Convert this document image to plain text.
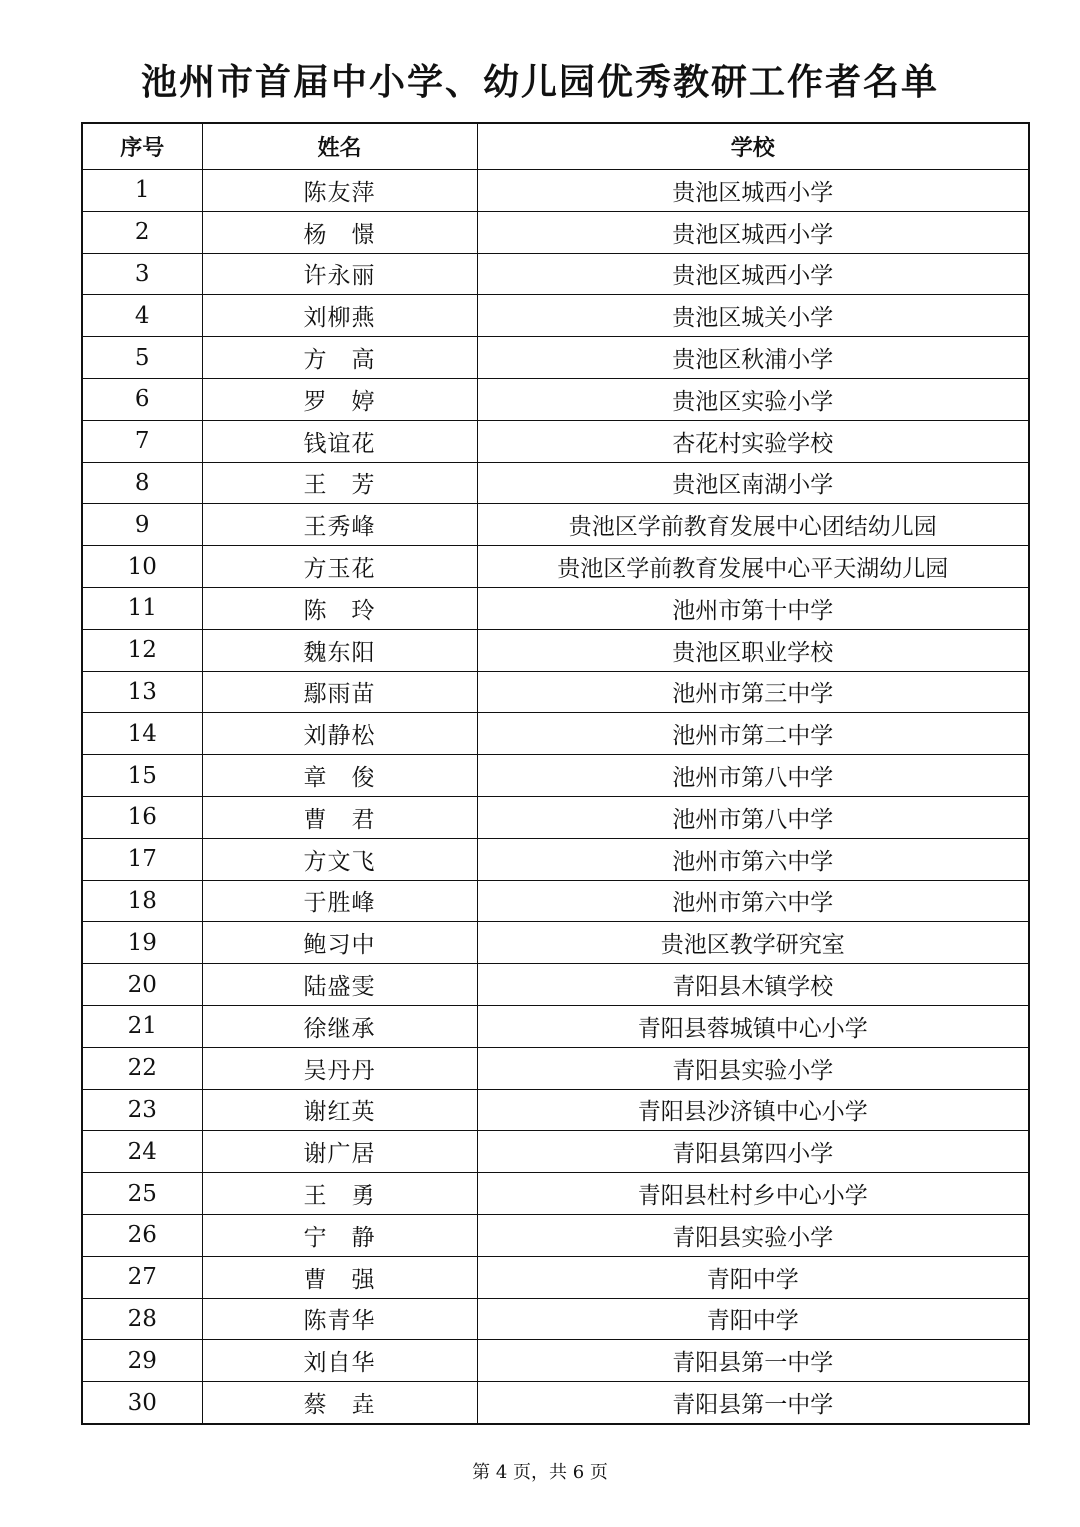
池州市首届中小学、幼儿园优秀教研工作者名单
序号	姓名	学校
1	陈友萍	贵池区城西小学
2	杨　憬	贵池区城西小学
3	许永丽	贵池区城西小学
4	刘柳燕	贵池区城关小学
5	方　高	贵池区秋浦小学
6	罗　婷	贵池区实验小学
7	钱谊花	杏花村实验学校
8	王　芳	贵池区南湖小学
9	王秀峰	贵池区学前教育发展中心团结幼儿园
10	方玉花	贵池区学前教育发展中心平天湖幼儿园
11	陈　玲	池州市第十中学
12	魏东阳	贵池区职业学校
13	鄢雨苗	池州市第三中学
14	刘静松	池州市第二中学
15	章　俊	池州市第八中学
16	曹　君	池州市第八中学
17	方文飞	池州市第六中学
18	于胜峰	池州市第六中学
19	鲍习中	贵池区教学研究室
20	陆盛雯	青阳县木镇学校
21	徐继承	青阳县蓉城镇中心小学
22	吴丹丹	青阳县实验小学
23	谢红英	青阳县沙济镇中心小学
24	谢广居	青阳县第四小学
25	王　勇	青阳县杜村乡中心小学
26	宁　静	青阳县实验小学
27	曹　强	青阳中学
28	陈青华	青阳中学
29	刘自华	青阳县第一中学
30	蔡　垚	青阳县第一中学
第 4 页，共 6 页
